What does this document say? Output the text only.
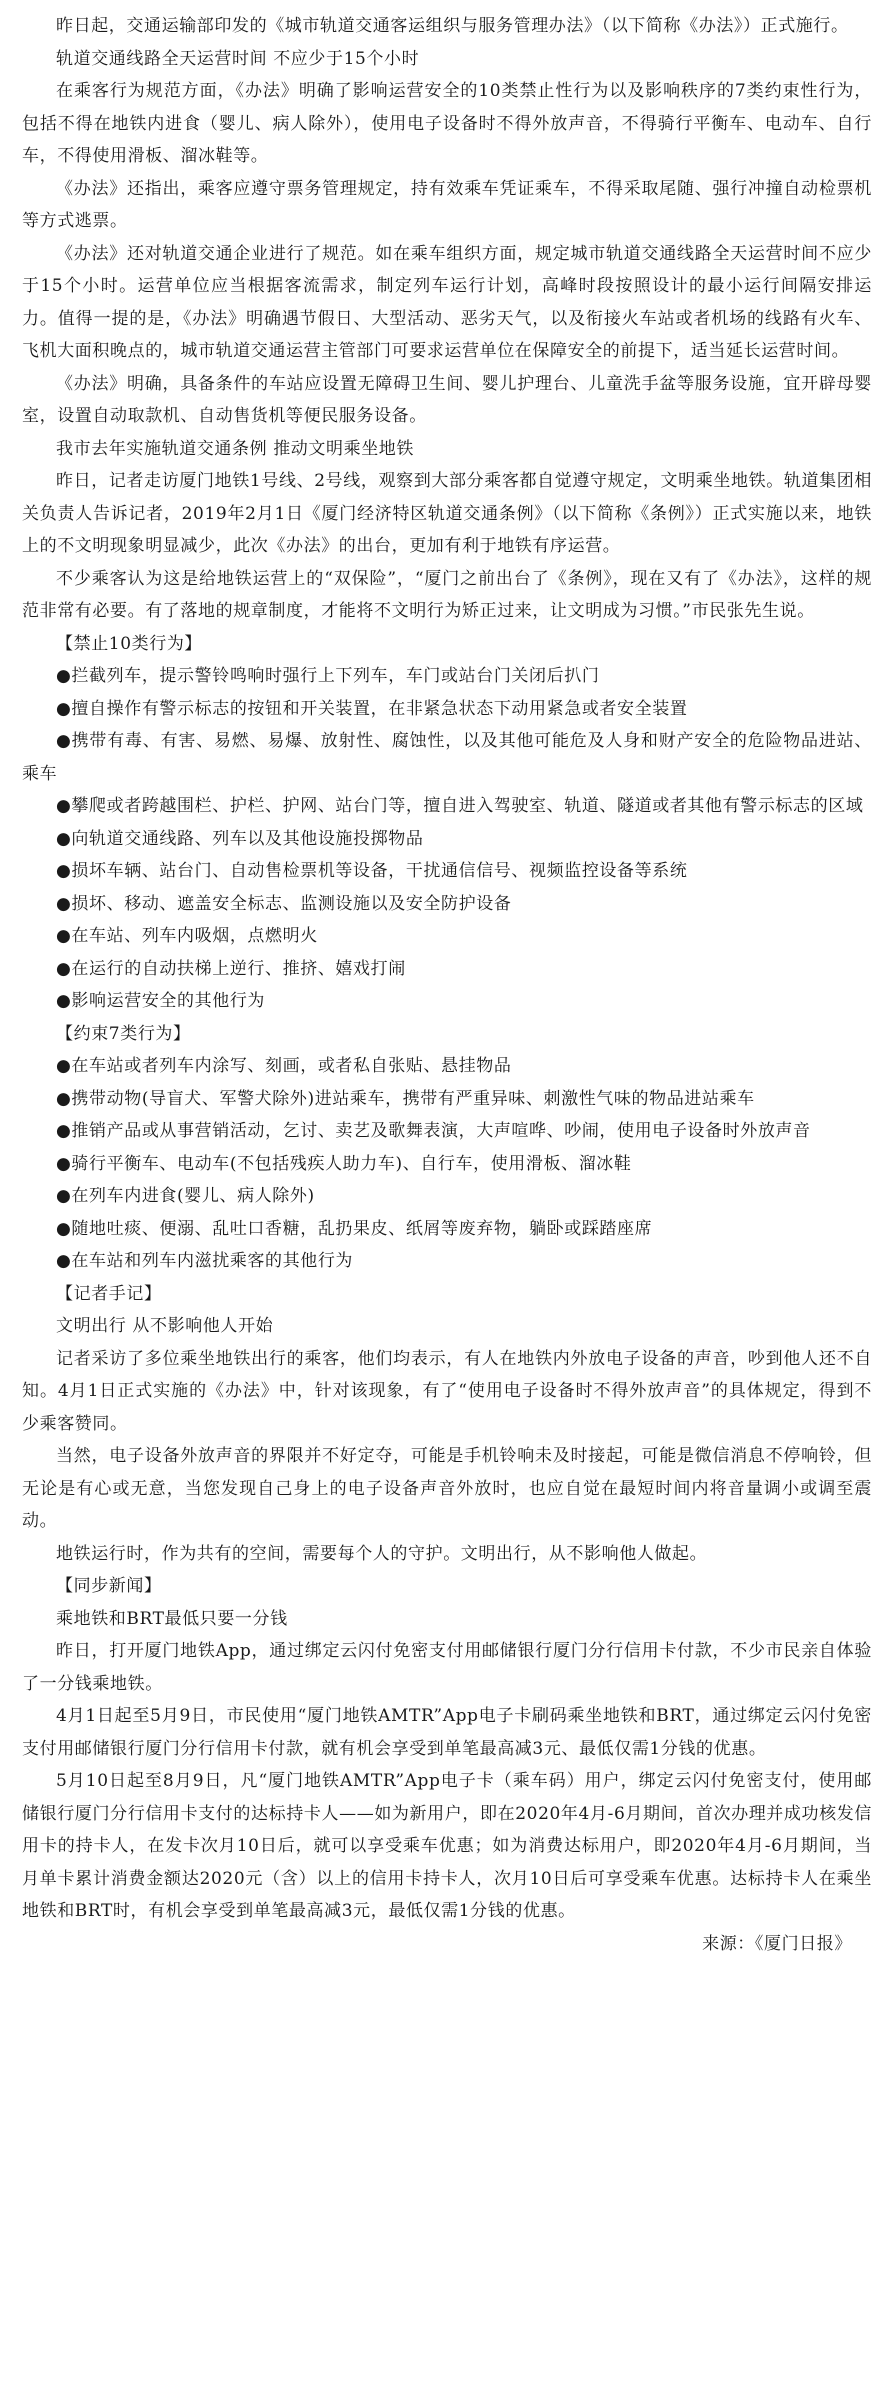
昨日起，交通运输部印发的《城市轨道交通客运组织与服务管理办法》（以下简称《办法》）正式施行。

轨道交通线路全天运营时间 不应少于15个小时

在乘客行为规范方面，《办法》明确了影响运营安全的10类禁止性行为以及影响秩序的7类约束性行为，包括不得在地铁内进食（婴儿、病人除外），使用电子设备时不得外放声音，不得骑行平衡车、电动车、自行车，不得使用滑板、溜冰鞋等。

《办法》还指出，乘客应遵守票务管理规定，持有效乘车凭证乘车，不得采取尾随、强行冲撞自动检票机等方式逃票。

《办法》还对轨道交通企业进行了规范。如在乘车组织方面，规定城市轨道交通线路全天运营时间不应少于15个小时。运营单位应当根据客流需求，制定列车运行计划，高峰时段按照设计的最小运行间隔安排运力。值得一提的是，《办法》明确遇节假日、大型活动、恶劣天气，以及衔接火车站或者机场的线路有火车、飞机大面积晚点的，城市轨道交通运营主管部门可要求运营单位在保障安全的前提下，适当延长运营时间。

《办法》明确，具备条件的车站应设置无障碍卫生间、婴儿护理台、儿童洗手盆等服务设施，宜开辟母婴室，设置自动取款机、自动售货机等便民服务设备。

我市去年实施轨道交通条例 推动文明乘坐地铁

昨日，记者走访厦门地铁1号线、2号线，观察到大部分乘客都自觉遵守规定，文明乘坐地铁。轨道集团相关负责人告诉记者，2019年2月1日《厦门经济特区轨道交通条例》（以下简称《条例》）正式实施以来，地铁上的不文明现象明显减少，此次《办法》的出台，更加有利于地铁有序运营。

不少乘客认为这是给地铁运营上的“双保险”，“厦门之前出台了《条例》，现在又有了《办法》，这样的规范非常有必要。有了落地的规章制度，才能将不文明行为矫正过来，让文明成为习惯。”市民张先生说。

【禁止10类行为】

●拦截列车，提示警铃鸣响时强行上下列车，车门或站台门关闭后扒门

●擅自操作有警示标志的按钮和开关装置，在非紧急状态下动用紧急或者安全装置

●携带有毒、有害、易燃、易爆、放射性、腐蚀性，以及其他可能危及人身和财产安全的危险物品进站、乘车

●攀爬或者跨越围栏、护栏、护网、站台门等，擅自进入驾驶室、轨道、隧道或者其他有警示标志的区域

●向轨道交通线路、列车以及其他设施投掷物品

●损坏车辆、站台门、自动售检票机等设备，干扰通信信号、视频监控设备等系统

●损坏、移动、遮盖安全标志、监测设施以及安全防护设备

●在车站、列车内吸烟，点燃明火

●在运行的自动扶梯上逆行、推挤、嬉戏打闹

●影响运营安全的其他行为

【约束7类行为】

●在车站或者列车内涂写、刻画，或者私自张贴、悬挂物品

●携带动物(导盲犬、军警犬除外)进站乘车，携带有严重异味、刺激性气味的物品进站乘车

●推销产品或从事营销活动，乞讨、卖艺及歌舞表演，大声喧哗、吵闹，使用电子设备时外放声音

●骑行平衡车、电动车(不包括残疾人助力车)、自行车，使用滑板、溜冰鞋

●在列车内进食(婴儿、病人除外)

●随地吐痰、便溺、乱吐口香糖，乱扔果皮、纸屑等废弃物，躺卧或踩踏座席

●在车站和列车内滋扰乘客的其他行为

【记者手记】

文明出行 从不影响他人开始

记者采访了多位乘坐地铁出行的乘客，他们均表示，有人在地铁内外放电子设备的声音，吵到他人还不自知。4月1日正式实施的《办法》中，针对该现象，有了“使用电子设备时不得外放声音”的具体规定，得到不少乘客赞同。

当然，电子设备外放声音的界限并不好定夺，可能是手机铃响未及时接起，可能是微信消息不停响铃，但无论是有心或无意，当您发现自己身上的电子设备声音外放时，也应自觉在最短时间内将音量调小或调至震动。

地铁运行时，作为共有的空间，需要每个人的守护。文明出行，从不影响他人做起。

【同步新闻】

乘地铁和BRT最低只要一分钱

昨日，打开厦门地铁App，通过绑定云闪付免密支付用邮储银行厦门分行信用卡付款，不少市民亲自体验了一分钱乘地铁。

4月1日起至5月9日，市民使用“厦门地铁AMTR”App电子卡刷码乘坐地铁和BRT，通过绑定云闪付免密支付用邮储银行厦门分行信用卡付款，就有机会享受到单笔最高减3元、最低仅需1分钱的优惠。

5月10日起至8月9日，凡“厦门地铁AMTR”App电子卡（乘车码）用户，绑定云闪付免密支付，使用邮储银行厦门分行信用卡支付的达标持卡人——如为新用户，即在2020年4月-6月期间，首次办理并成功核发信用卡的持卡人，在发卡次月10日后，就可以享受乘车优惠；如为消费达标用户，即2020年4月-6月期间，当月单卡累计消费金额达2020元（含）以上的信用卡持卡人，次月10日后可享受乘车优惠。达标持卡人在乘坐地铁和BRT时，有机会享受到单笔最高减3元，最低仅需1分钱的优惠。

来源：《厦门日报》
